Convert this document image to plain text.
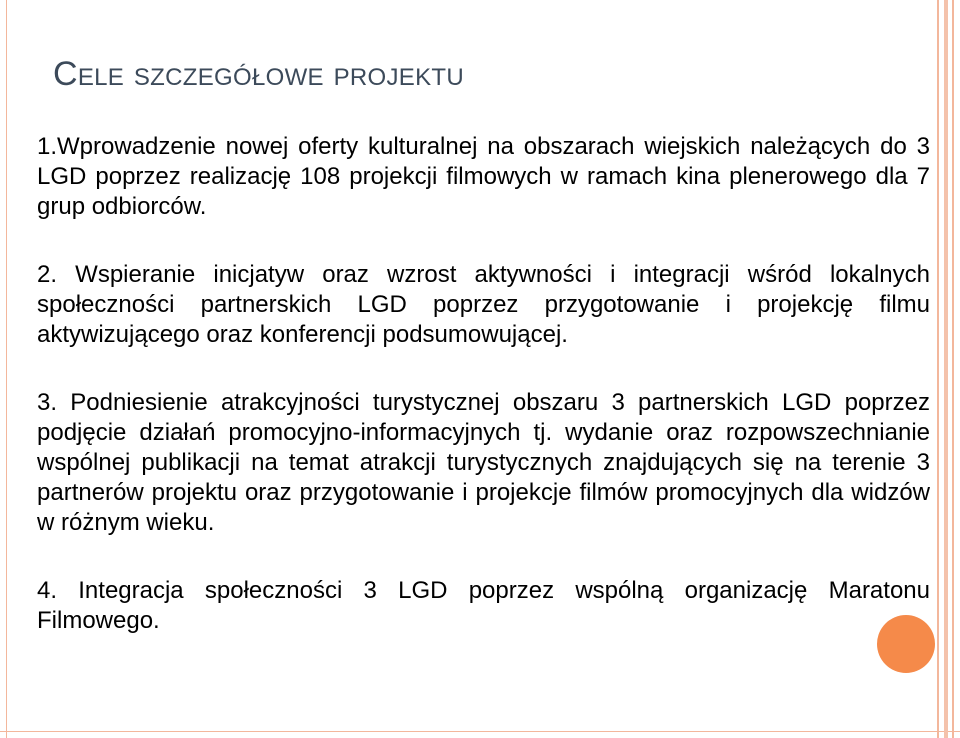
Cele szczegółowe projektu

1.Wprowadzenie nowej oferty kulturalnej na obszarach wiejskich należących do 3 LGD poprzez realizację 108 projekcji filmowych w ramach kina plenerowego dla 7 grup odbiorców.

2. Wspieranie inicjatyw oraz wzrost aktywności i integracji wśród lokalnych społeczności partnerskich LGD poprzez przygotowanie i projekcję filmu aktywizującego oraz konferencji podsumowującej.

3. Podniesienie atrakcyjności turystycznej obszaru 3 partnerskich LGD poprzez podjęcie działań promocyjno-informacyjnych tj. wydanie oraz rozpowszechnianie wspólnej publikacji na temat atrakcji turystycznych znajdujących się na terenie 3 partnerów projektu oraz przygotowanie i projekcje filmów promocyjnych dla widzów w różnym wieku.

4. Integracja społeczności 3 LGD poprzez wspólną organizację Maratonu Filmowego.
